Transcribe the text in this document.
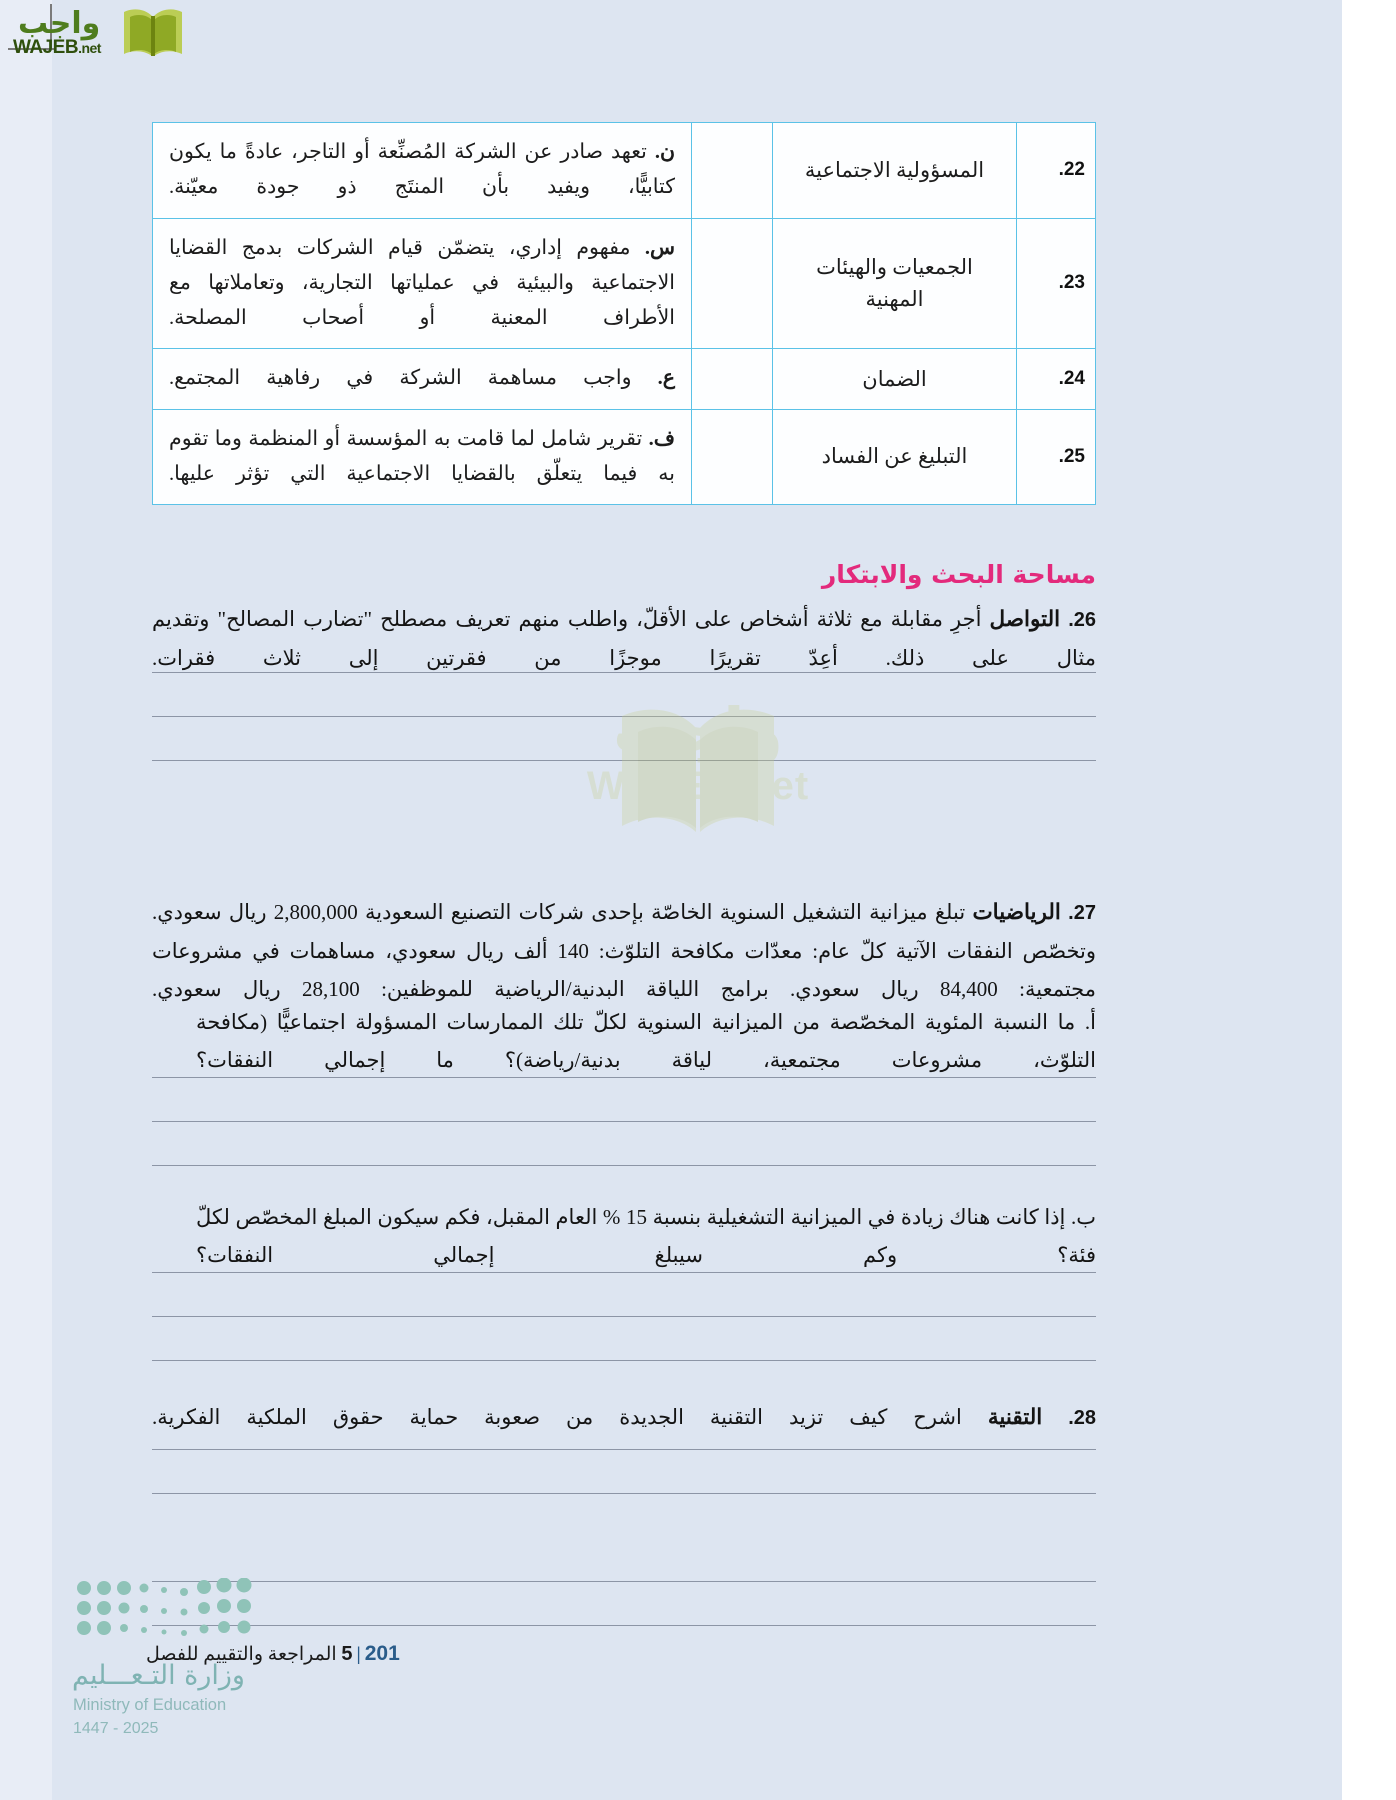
واجب
WAJEB.net
واجب
WAJEB.net
22.	المسؤولية الاجتماعية		ن. تعهد صادر عن الشركة المُصنِّعة أو التاجر، عادةً ما يكون كتابيًّا، ويفيد بأن المنتَج ذو جودة معيّنة.
23.	الجمعيات والهيئات المهنية		س. مفهوم إداري، يتضمّن قيام الشركات بدمج القضايا الاجتماعية والبيئية في عملياتها التجارية، وتعاملاتها مع الأطراف المعنية أو أصحاب المصلحة.
24.	الضمان		ع. واجب مساهمة الشركة في رفاهية المجتمع.
25.	التبليغ عن الفساد		ف. تقرير شامل لما قامت به المؤسسة أو المنظمة وما تقوم به فيما يتعلّق بالقضايا الاجتماعية التي تؤثر عليها.
مساحة البحث والابتكار
26. التواصل أجرِ مقابلة مع ثلاثة أشخاص على الأقلّ، واطلب منهم تعريف مصطلح "تضارب المصالح" وتقديم مثال على ذلك. أعِدّ تقريرًا موجزًا من فقرتين إلى ثلاث فقرات.
27. الرياضيات تبلغ ميزانية التشغيل السنوية الخاصّة بإحدى شركات التصنيع السعودية 2,800,000 ريال سعودي. وتخصّص النفقات الآتية كلّ عام: معدّات مكافحة التلوّث: 140 ألف ريال سعودي، مساهمات في مشروعات مجتمعية: 84,400 ريال سعودي. برامج اللياقة البدنية/الرياضية للموظفين: 28,100 ريال سعودي.
أ. ما النسبة المئوية المخصّصة من الميزانية السنوية لكلّ تلك الممارسات المسؤولة اجتماعيًّا (مكافحة التلوّث، مشروعات مجتمعية، لياقة بدنية/رياضة)؟ ما إجمالي النفقات؟
ب. إذا كانت هناك زيادة في الميزانية التشغيلية بنسبة 15 % العام المقبل، فكم سيكون المبلغ المخصّص لكلّ فئة؟ وكم سيبلغ إجمالي النفقات؟
28. التقنية اشرح كيف تزيد التقنية الجديدة من صعوبة حماية حقوق الملكية الفكرية.
201|5 المراجعة والتقييم للفصل
وزارة التـعـــليم
Ministry of Education
2025 - 1447
